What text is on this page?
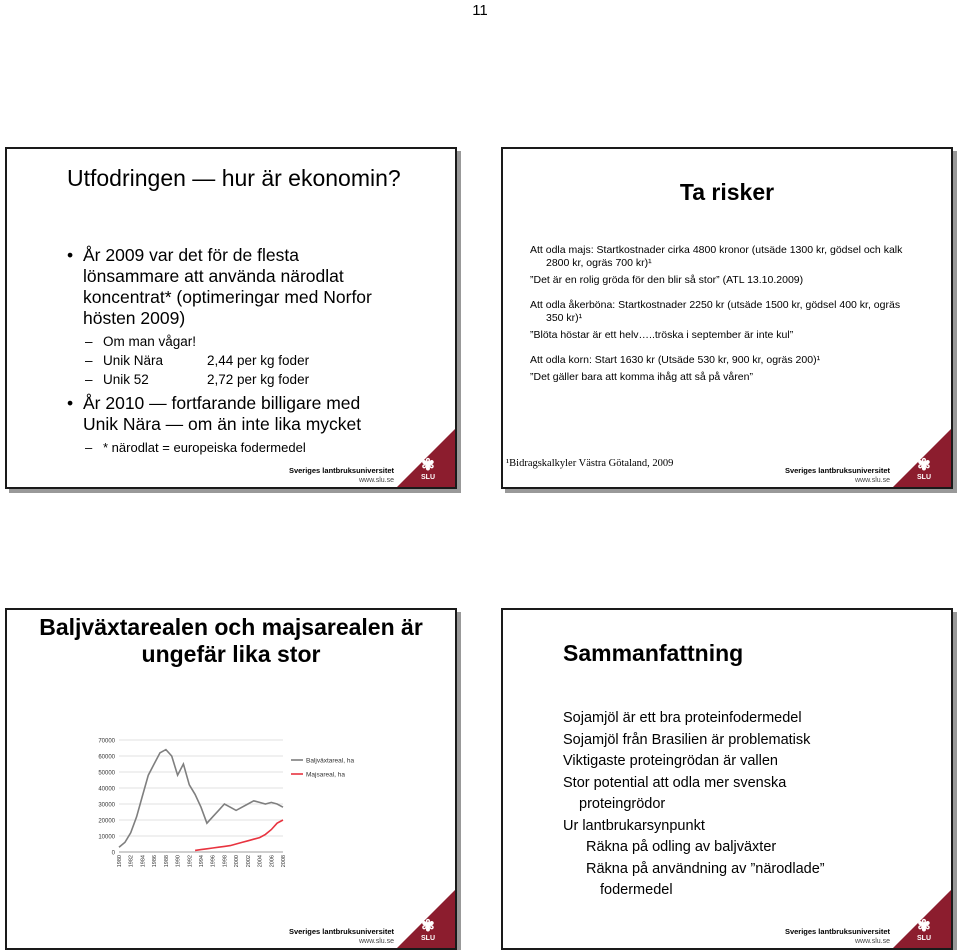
11
Utfodringen — hur är ekonomin?
• År 2009 var det för de flesta lönsammare att använda närodlat koncentrat* (optimeringar med Norfor hösten 2009)
– Om man vågar!
– Unik Nära	2,44 per kg foder
– Unik 52	2,72 per kg foder
• År 2010 — fortfarande billigare med Unik Nära — om än inte lika mycket
– * närodlat = europeiska fodermedel
Sveriges lantbruksuniversitet
www.slu.se
✾
SLU
Ta risker
Att odla majs: Startkostnader cirka 4800 kronor (utsäde 1300 kr, gödsel och kalk 2800 kr, ogräs 700 kr)¹
”Det är en rolig gröda för den blir så stor” (ATL 13.10.2009)
Att odla åkerböna: Startkostnader 2250 kr (utsäde 1500 kr, gödsel 400 kr, ogräs 350 kr)¹
”Blöta höstar är ett helv…..tröska i september är inte kul”
Att odla korn: Start 1630 kr (Utsäde 530 kr, 900 kr, ogräs 200)¹
”Det gäller bara att komma ihåg att så på våren”
¹Bidragskalkyler Västra Götaland, 2009
Sveriges lantbruksuniversitet
www.slu.se
✾
SLU
Baljväxtarealen och majsarealen är ungefär lika stor
0
10000
20000
30000
40000
50000
60000
70000
1980 1982 1984 1986 1988 1990 1992 1994 1996 1998 2000 2002 2004 2006 2008
Baljväxtareal, ha
Majsareal, ha
Sveriges lantbruksuniversitet
www.slu.se
✾
SLU
Sammanfattning
Sojamjöl är ett bra proteinfodermedel
Sojamjöl från Brasilien är problematisk
Viktigaste proteingrödan är vallen
Stor potential att odla mer svenska
proteingrödor
Ur lantbrukarsynpunkt
Räkna på odling av baljväxter
Räkna på användning av ”närodlade”
fodermedel
Sveriges lantbruksuniversitet
www.slu.se
✾
SLU
